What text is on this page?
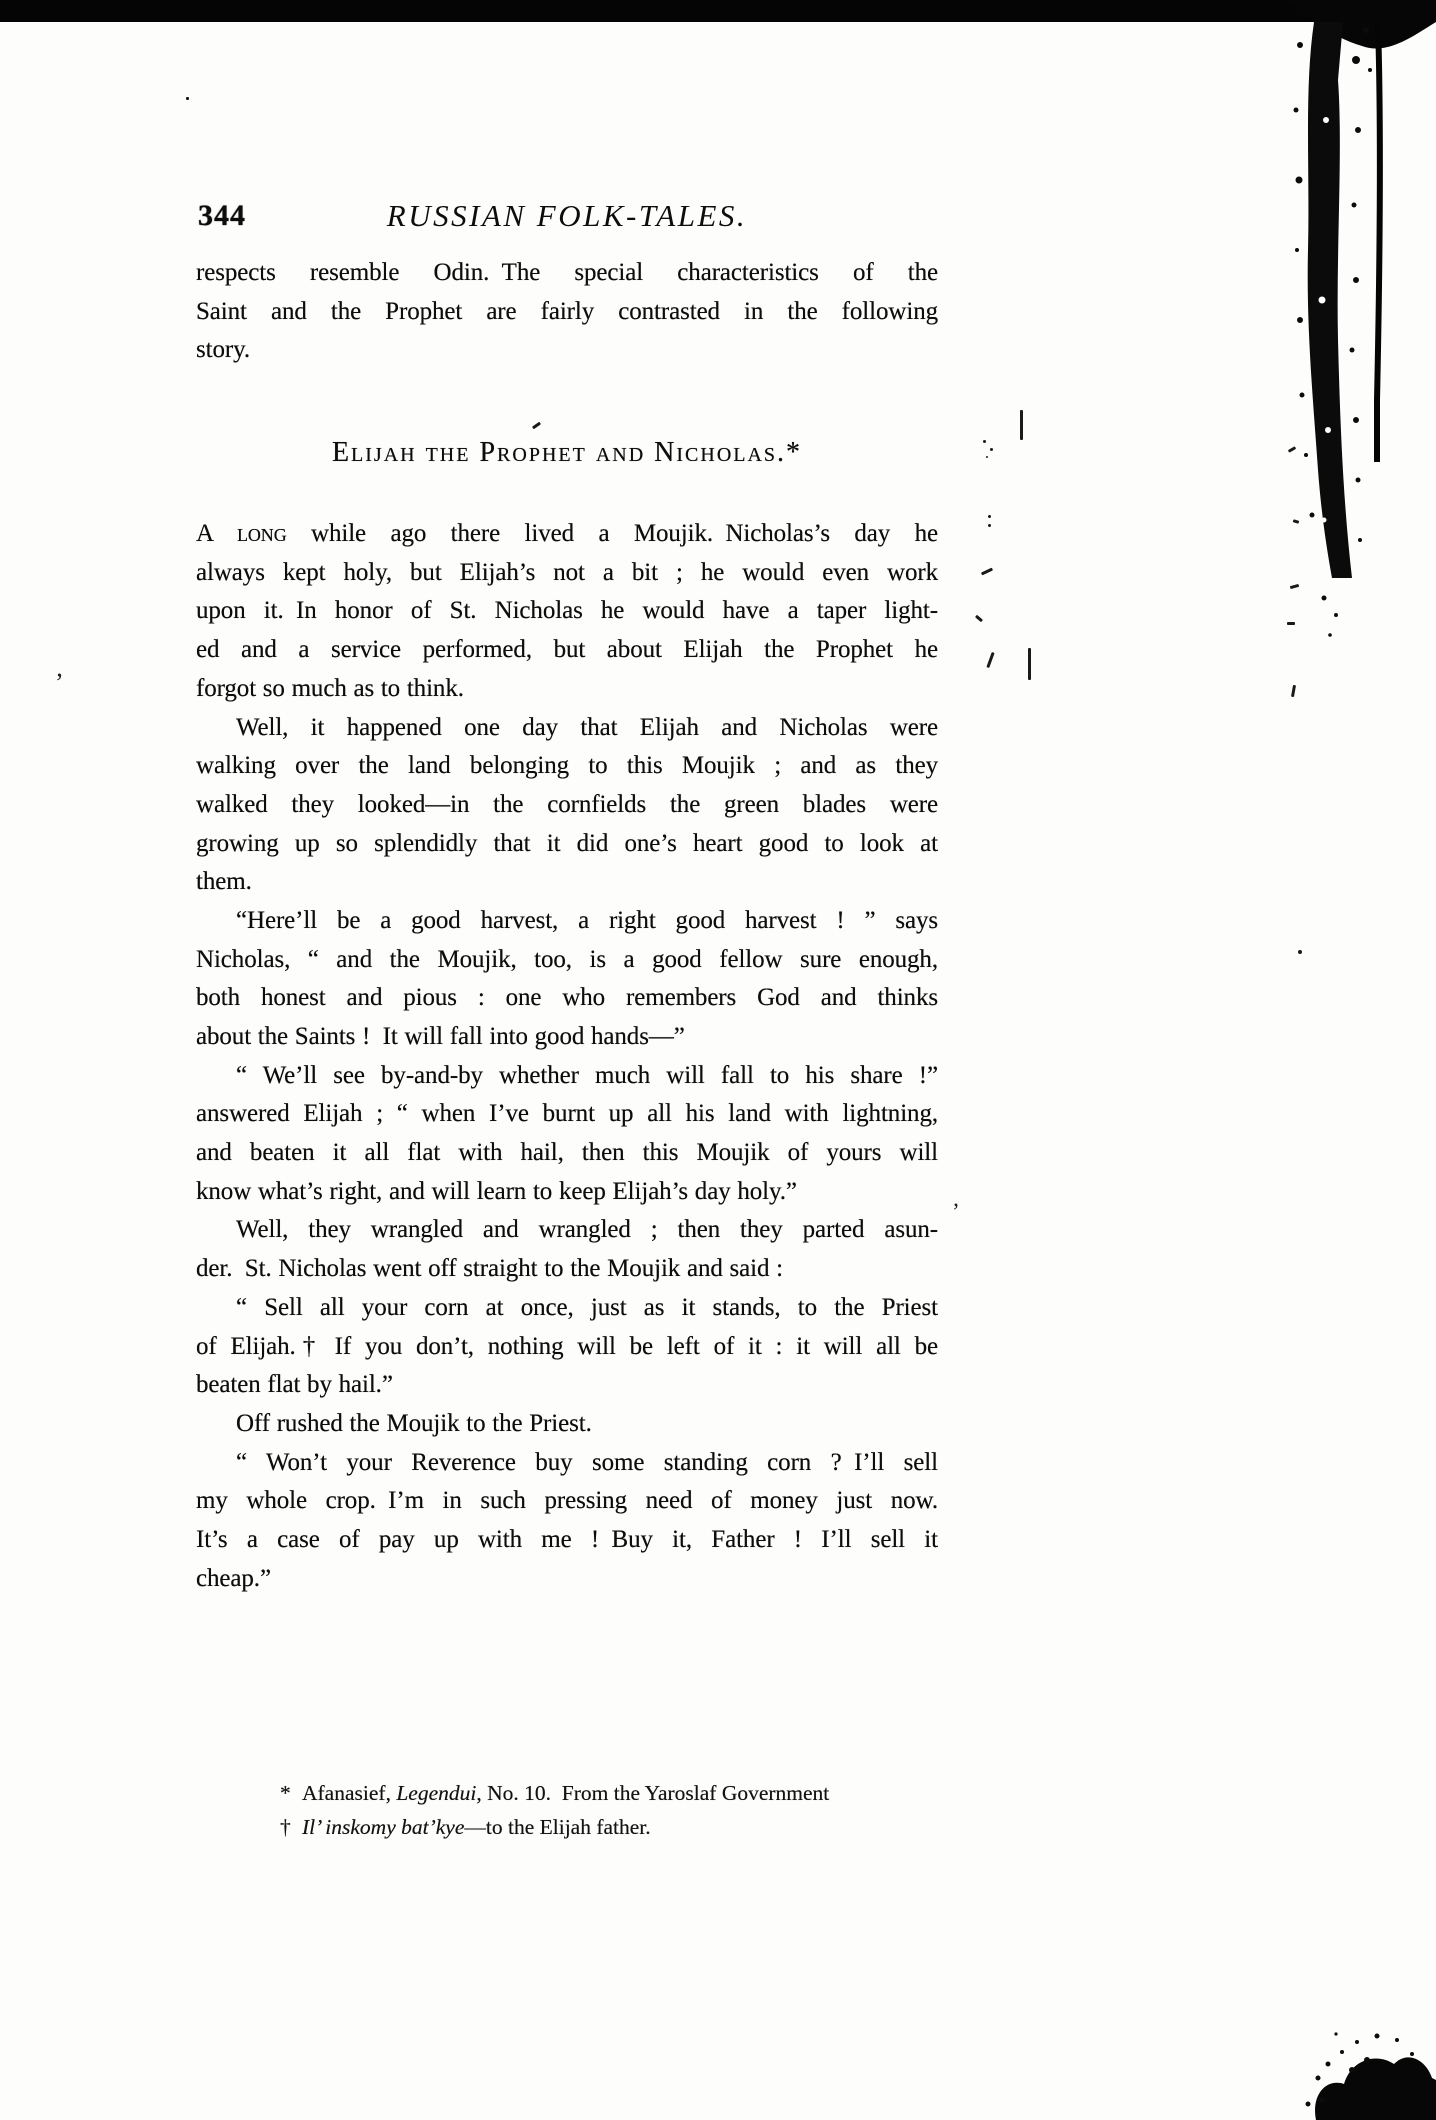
’
’
344	RUSSIAN FOLK-TALES.
respects resemble Odin. The special characteristics of the
Saint and the Prophet are fairly contrasted in the following
story.
Elijah the Prophet and Nicholas.*
A long while ago there lived a Moujik. Nicholas’s day he
always kept holy, but Elijah’s not a bit ; he would even work
upon it. In honor of St. Nicholas he would have a taper light-
ed and a service performed, but about Elijah the Prophet he
forgot so much as to think.
Well, it happened one day that Elijah and Nicholas were
walking over the land belonging to this Moujik ; and as they
walked they looked—in the cornfields the green blades were
growing up so splendidly that it did one’s heart good to look at
them.
“Here’ll be a good harvest, a right good harvest ! ” says
Nicholas, “ and the Moujik, too, is a good fellow sure enough,
both honest and pious : one who remembers God and thinks
about the Saints ! It will fall into good hands—”
“ We’ll see by-and-by whether much will fall to his share !”
answered Elijah ; “ when I’ve burnt up all his land with lightning,
and beaten it all flat with hail, then this Moujik of yours will
know what’s right, and will learn to keep Elijah’s day holy.”
Well, they wrangled and wrangled ; then they parted asun-
der. St. Nicholas went off straight to the Moujik and said :
“ Sell all your corn at once, just as it stands, to the Priest
of Elijah.† If you don’t, nothing will be left of it : it will all be
beaten flat by hail.”
Off rushed the Moujik to the Priest.
“ Won’t your Reverence buy some standing corn ? I’ll sell
my whole crop. I’m in such pressing need of money just now.
It’s a case of pay up with me ! Buy it, Father ! I’ll sell it
cheap.”
* Afanasief, Legendui, No. 10. From the Yaroslaf Government
† Il’ inskomy bat’kye—to the Elijah father.
